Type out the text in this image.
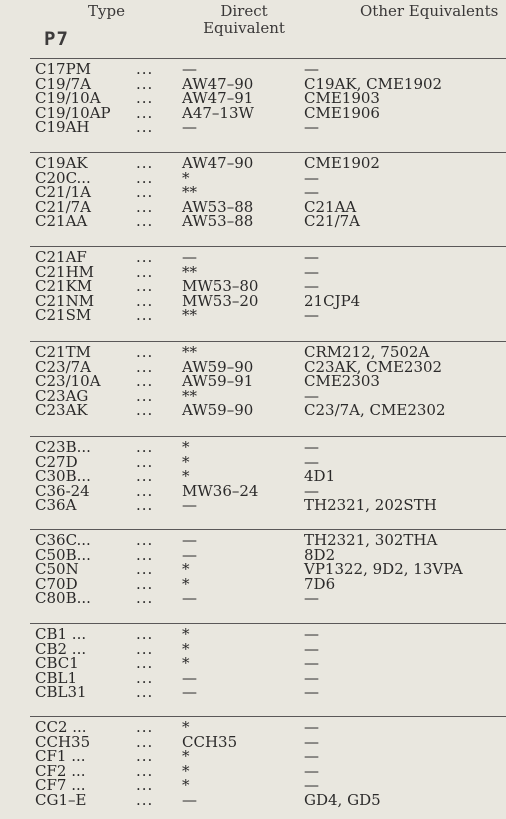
Type	Direct
Equivalent
Other Equivalents
P7
C17PM	... —	—
C19/7A	... AW47–90	C19AK, CME1902
C19/10A ... AW47–91	CME1903
C19/10AP ... A47–13W	CME1906
C19AH	... —	—
C19AK	... AW47–90	CME1902
C20C...	... *	—
C21/1A	... **	—
C21/7A	... AW53–88	C21AA
C21AA	... AW53–88	C21/7A
C21AF	... —	—
C21HM	... **	—
C21KM	... MW53–80	—
C21NM	... MW53–20	21CJP4
C21SM	... **	—
C21TM	... **	CRM212, 7502A
C23/7A	... AW59–90	C23AK, CME2302
C23/10A ... AW59–91	CME2303
C23AG	... **	—
C23AK	... AW59–90	C23/7A, CME2302
C23B...	... *	—
C27D	... *	—
C30B...	... *	4D1
C36-24	... MW36–24	—
C36A	... —	TH2321, 202STH
C36C...	... —	TH2321, 302THA
C50B...	... —	8D2
C50N	... *	VP1322, 9D2, 13VPA
C70D	... *	7D6
C80B...	... —	—
CB1 ...	... *	—
CB2 ...	... *	—
CBC1	... *	—
CBL1	... —	—
CBL31	... —	—
CC2 ...	... *	—
CCH35	... CCH35	—
CF1 ...	... *	—
CF2 ...	... *	—
CF7 ...	... *	—
CG1–E	... —	GD4, GD5
